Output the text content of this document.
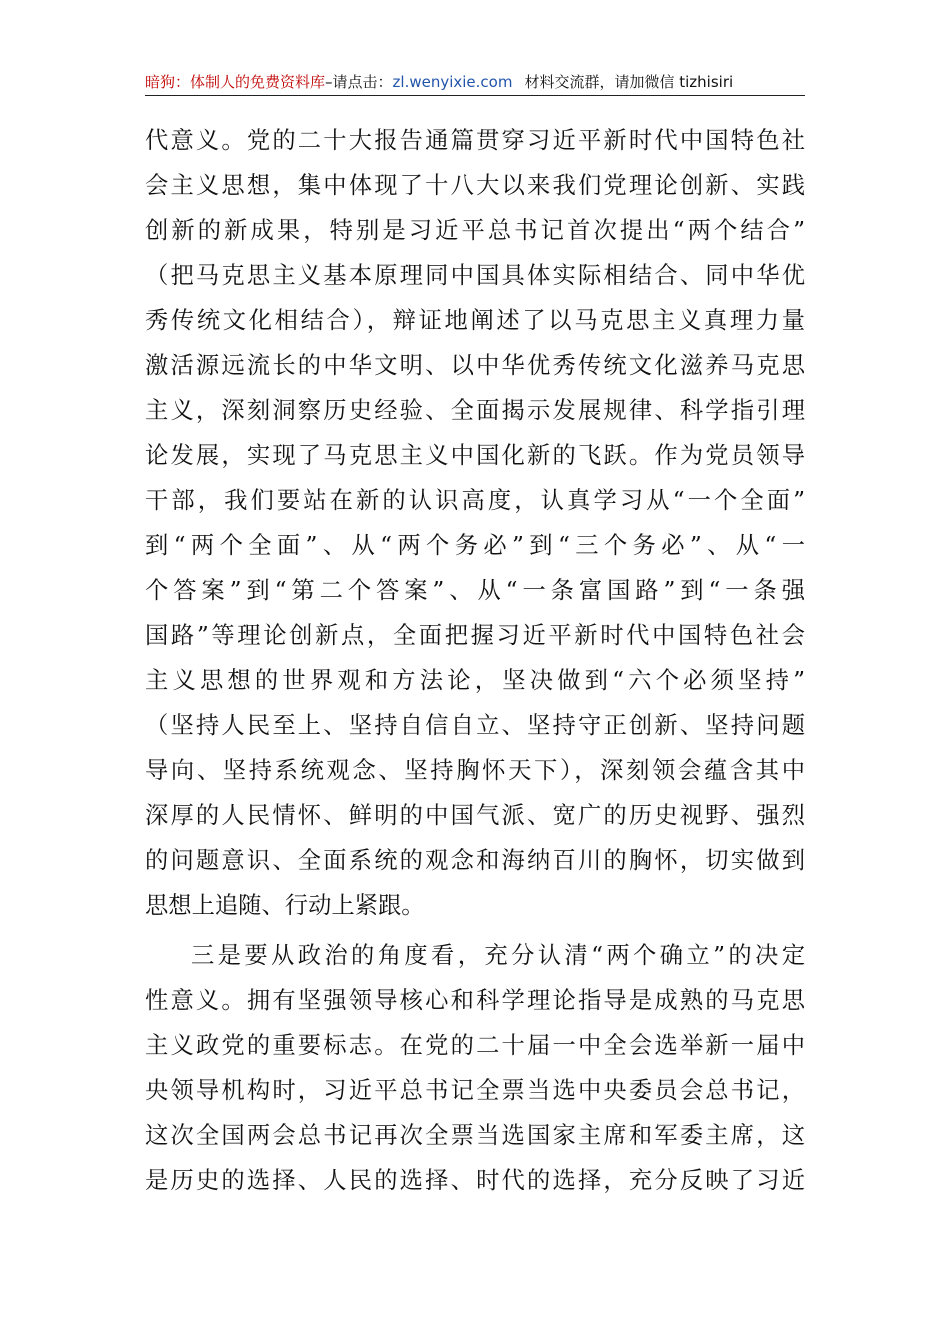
暗狗：体制人的免费资料库–请点击：zl.wenyixie.com 材料交流群，请加微信 tizhisiri
代意义。党的二十大报告通篇贯穿习近平新时代中国特色社
会主义思想，集中体现了十八大以来我们党理论创新、实践
创新的新成果，特别是习近平总书记首次提出“两个结合”
（把马克思主义基本原理同中国具体实际相结合、同中华优
秀传统文化相结合），辩证地阐述了以马克思主义真理力量
激活源远流长的中华文明、以中华优秀传统文化滋养马克思
主义，深刻洞察历史经验、全面揭示发展规律、科学指引理
论发展，实现了马克思主义中国化新的飞跃。作为党员领导
干部，我们要站在新的认识高度，认真学习从“一个全面”
到“两个全面”、从“两个务必”到“三个务必”、从“一
个答案”到“第二个答案”、从“一条富国路”到“一条强
国路”等理论创新点，全面把握习近平新时代中国特色社会
主义思想的世界观和方法论，坚决做到“六个必须坚持”
（坚持人民至上、坚持自信自立、坚持守正创新、坚持问题
导向、坚持系统观念、坚持胸怀天下），深刻领会蕴含其中
深厚的人民情怀、鲜明的中国气派、宽广的历史视野、强烈
的问题意识、全面系统的观念和海纳百川的胸怀，切实做到
思想上追随、行动上紧跟。
三是要从政治的角度看，充分认清“两个确立”的决定
性意义。拥有坚强领导核心和科学理论指导是成熟的马克思
主义政党的重要标志。在党的二十届一中全会选举新一届中
央领导机构时，习近平总书记全票当选中央委员会总书记，
这次全国两会总书记再次全票当选国家主席和军委主席，这
是历史的选择、人民的选择、时代的选择，充分反映了习近
